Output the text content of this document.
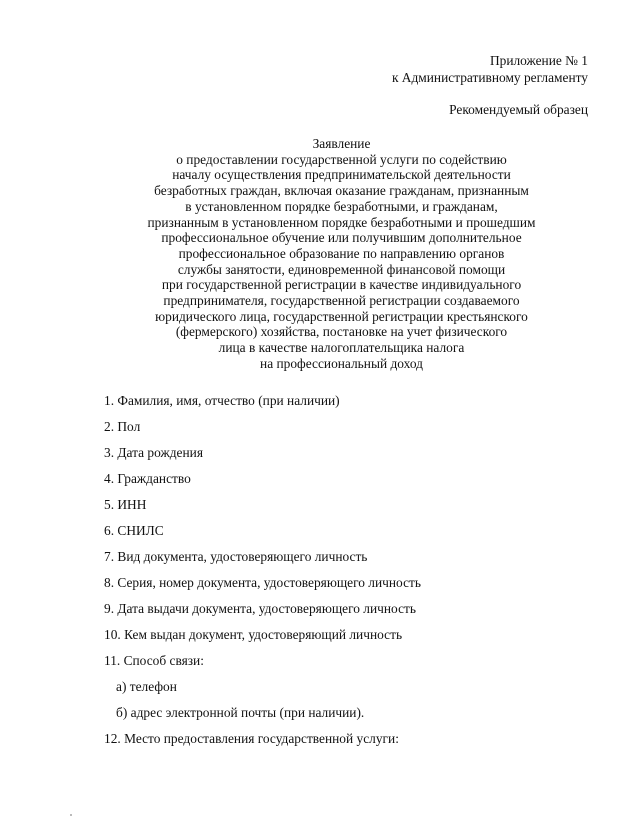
Приложение № 1
к Административному регламенту
Рекомендуемый образец
Заявление
о предоставлении государственной услуги по содействию
началу осуществления предпринимательской деятельности
безработных граждан, включая оказание гражданам, признанным
в установленном порядке безработными, и гражданам,
признанным в установленном порядке безработными и прошедшим
профессиональное обучение или получившим дополнительное
профессиональное образование по направлению органов
службы занятости, единовременной финансовой помощи
при государственной регистрации в качестве индивидуального
предпринимателя, государственной регистрации создаваемого
юридического лица, государственной регистрации крестьянского
(фермерского) хозяйства, постановке на учет физического
лица в качестве налогоплательщика налога
на профессиональный доход
1. Фамилия, имя, отчество (при наличии)
2. Пол
3. Дата рождения
4. Гражданство
5. ИНН
6. СНИЛС
7. Вид документа, удостоверяющего личность
8. Серия, номер документа, удостоверяющего личность
9. Дата выдачи документа, удостоверяющего личность
10. Кем выдан документ, удостоверяющий личность
11. Способ связи:
а) телефон
б) адрес электронной почты (при наличии).
12. Место предоставления государственной услуги:
